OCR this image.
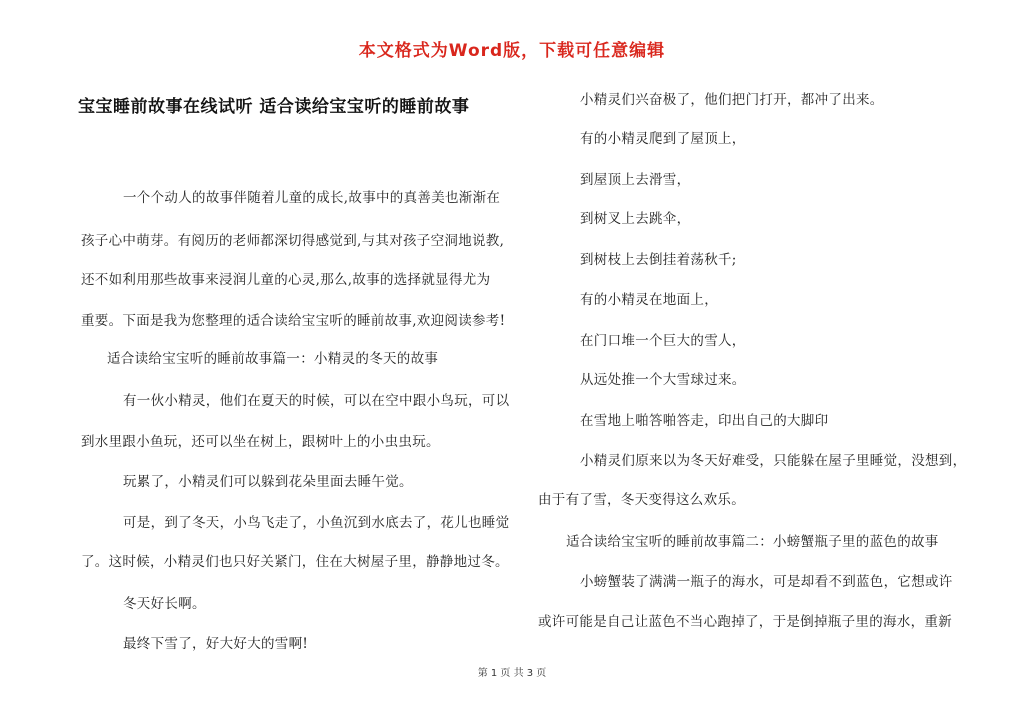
本文格式为Word版，下载可任意编辑
宝宝睡前故事在线试听 适合读给宝宝听的睡前故事
一个个动人的故事伴随着儿童的成长,故事中的真善美也渐渐在
孩子心中萌芽。有阅历的老师都深切得感觉到,与其对孩子空洞地说教,
还不如利用那些故事来浸润儿童的心灵,那么,故事的选择就显得尤为
重要。下面是我为您整理的适合读给宝宝听的睡前故事,欢迎阅读参考!
适合读给宝宝听的睡前故事篇一：小精灵的冬天的故事
有一伙小精灵，他们在夏天的时候，可以在空中跟小鸟玩，可以
到水里跟小鱼玩，还可以坐在树上，跟树叶上的小虫虫玩。
玩累了，小精灵们可以躲到花朵里面去睡午觉。
可是，到了冬天，小鸟飞走了，小鱼沉到水底去了，花儿也睡觉
了。这时候，小精灵们也只好关紧门，住在大树屋子里，静静地过冬。
冬天好长啊。
最终下雪了，好大好大的雪啊!
小精灵们兴奋极了，他们把门打开，都冲了出来。
有的小精灵爬到了屋顶上，
到屋顶上去滑雪，
到树叉上去跳伞，
到树枝上去倒挂着荡秋千;
有的小精灵在地面上，
在门口堆一个巨大的雪人，
从远处推一个大雪球过来。
在雪地上啪答啪答走，印出自己的大脚印
小精灵们原来以为冬天好难受，只能躲在屋子里睡觉，没想到，
由于有了雪，冬天变得这么欢乐。
适合读给宝宝听的睡前故事篇二：小螃蟹瓶子里的蓝色的故事
小螃蟹装了满满一瓶子的海水，可是却看不到蓝色，它想或许
或许可能是自己让蓝色不当心跑掉了，于是倒掉瓶子里的海水，重新
第 1 页 共 3 页
